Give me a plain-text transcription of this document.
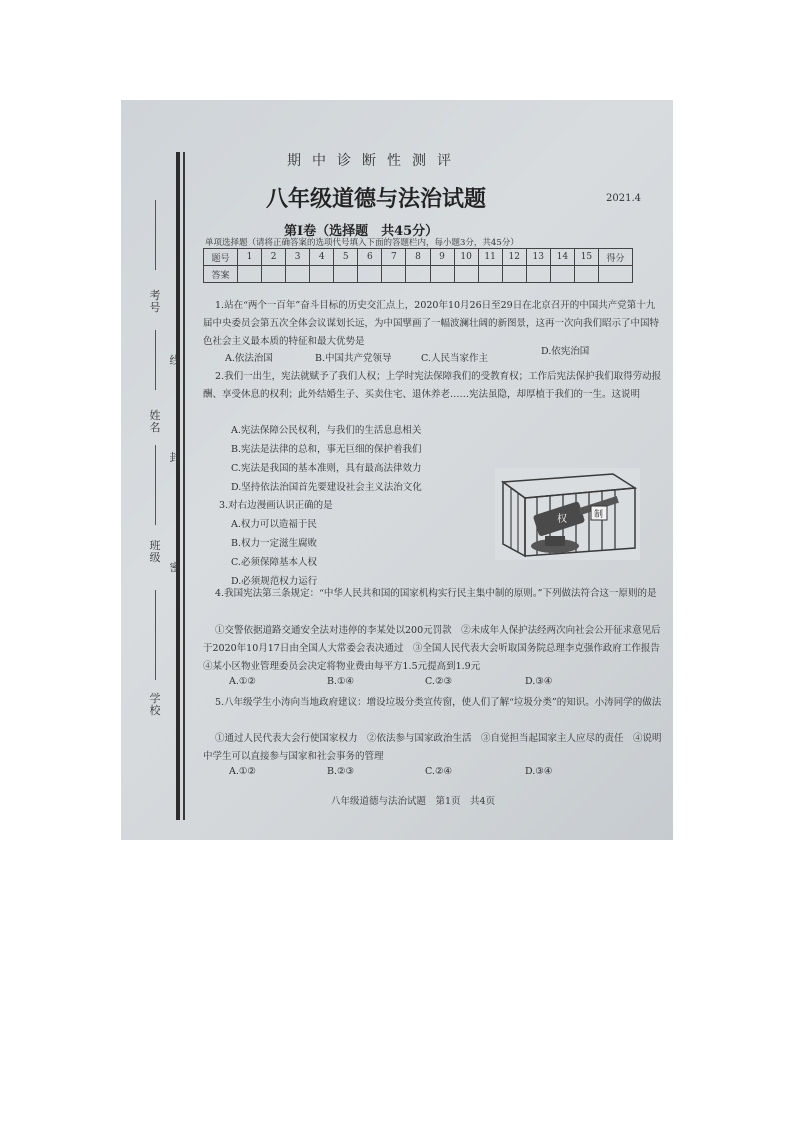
考号
线
姓名
封
班级
密
学校
期中诊断性测评
八年级道德与法治试题	2021.4
第Ⅰ卷（选择题　共45分）
单项选择题（请将正确答案的选项代号填入下面的答题栏内，每小题3分，共45分）
题号	1	2	3	4	5	6	7	8	9	10	11	12	13	14	15	得分
答案																
1.站在“两个一百年”奋斗目标的历史交汇点上，2020年10月26日至29日在北京召开的中国共产党第十九届中央委员会第五次全体会议谋划长远，为中国擘画了一幅波澜壮阔的新图景，这再一次向我们昭示了中国特色社会主义最本质的特征和最大优势是
A.依法治国	B.中国共产党领导	C.人民当家作主
D.依宪治国
2.我们一出生，宪法就赋予了我们人权；上学时宪法保障我们的受教育权；工作后宪法保护我们取得劳动报酬、享受休息的权利；此外结婚生子、买卖住宅、退休养老……宪法虽隐，却厚植于我们的一生。这说明
A.宪法保障公民权利，与我们的生活息息相关
B.宪法是法律的总和，事无巨细的保护着我们
C.宪法是我国的基本准则，具有最高法律效力
D.坚持依法治国首先要建设社会主义法治文化
3.对右边漫画认识正确的是
A.权力可以造福于民
B.权力一定滋生腐败
C.必须保障基本人权
D.必须规范权力运行
权	制
4.我国宪法第三条规定：“中华人民共和国的国家机构实行民主集中制的原则。”下列做法符合这一原则的是
①交警依据道路交通安全法对违停的李某处以200元罚款　②未成年人保护法经两次向社会公开征求意见后于2020年10月17日由全国人大常委会表决通过　③全国人民代表大会听取国务院总理李克强作政府工作报告　④某小区物业管理委员会决定将物业费由每平方1.5元提高到1.9元
A.①②	B.①④	C.②③	D.③④
5.八年级学生小涛向当地政府建议：增设垃圾分类宣传窗，使人们了解“垃圾分类”的知识。小涛同学的做法
①通过人民代表大会行使国家权力　②依法参与国家政治生活　③自觉担当起国家主人应尽的责任　④说明中学生可以直接参与国家和社会事务的管理
A.①②	B.②③	C.②④	D.③④
八年级道德与法治试题　第1页　共4页
